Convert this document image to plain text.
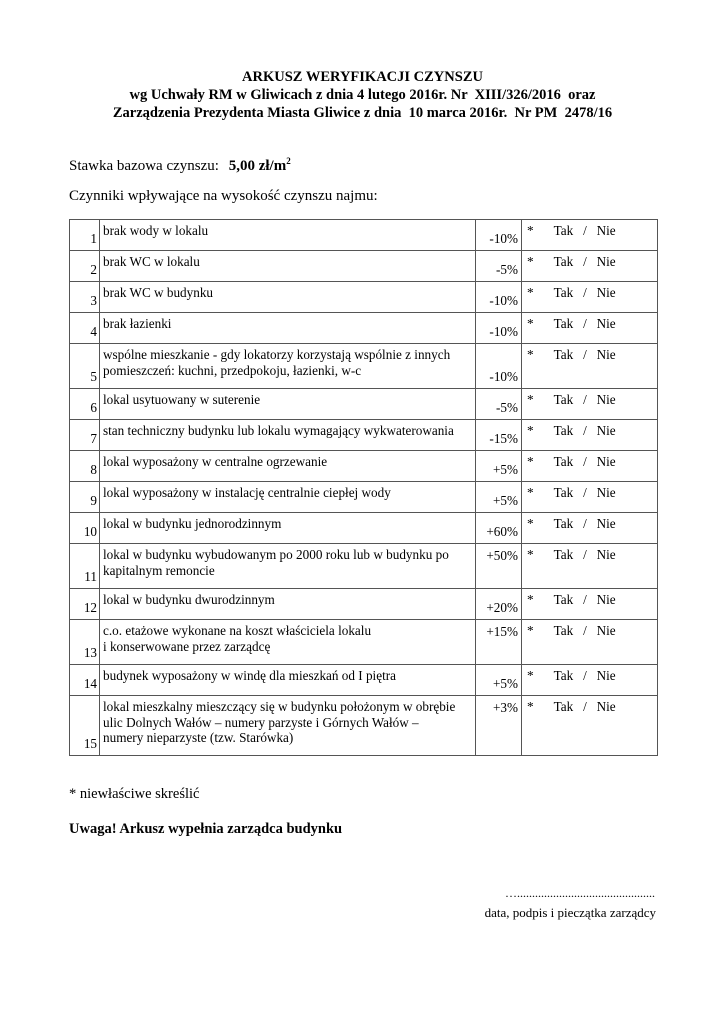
ARKUSZ WERYFIKACJI CZYNSZU
wg Uchwały RM w Gliwicach z dnia 4 lutego 2016r. Nr  XIII/326/2016  oraz
Zarządzenia Prezydenta Miasta Gliwice z dnia  10 marca 2016r.  Nr PM  2478/16
Stawka bazowa czynszu: 5,00 $zł/m^2$
Czynniki wpływające na wysokość czynszu najmu:
1	brak wody w lokalu	-10%	* Tak   /   Nie
2	brak WC w lokalu	-5%	* Tak   /   Nie
3	brak WC w budynku	-10%	* Tak   /   Nie
4	brak łazienki	-10%	* Tak   /   Nie
5	wspólne mieszkanie - gdy lokatorzy korzystają wspólnie z innych
pomieszczeń: kuchni, przedpokoju, łazienki, w-c	-10%	* Tak   /   Nie
6	lokal usytuowany w suterenie	-5%	* Tak   /   Nie
7	stan techniczny budynku lub lokalu wymagający wykwaterowania	-15%	* Tak   /   Nie
8	lokal wyposażony w centralne ogrzewanie	+5%	* Tak   /   Nie
9	lokal wyposażony w instalację centralnie ciepłej wody	+5%	* Tak   /   Nie
10	lokal w budynku jednorodzinnym	+60%	* Tak   /   Nie
11	lokal w budynku wybudowanym po 2000 roku lub w budynku po
kapitalnym remoncie	+50%	* Tak   /   Nie
12	lokal w budynku dwurodzinnym	+20%	* Tak   /   Nie
13	c.o. etażowe wykonane na koszt właściciela lokalu
i konserwowane przez zarządcę	+15%	* Tak   /   Nie
14	budynek wyposażony w windę dla mieszkań od I piętra	+5%	* Tak   /   Nie
15	lokal mieszkalny mieszczący się w budynku położonym w obrębie
ulic Dolnych Wałów – numery parzyste i Górnych Wałów –
numery nieparzyste (tzw. Starówka)	+3%	* Tak   /   Nie
* niewłaściwe skreślić
Uwaga! Arkusz wypełnia zarządca budynku
…..............................................
data, podpis i pieczątka zarządcy
